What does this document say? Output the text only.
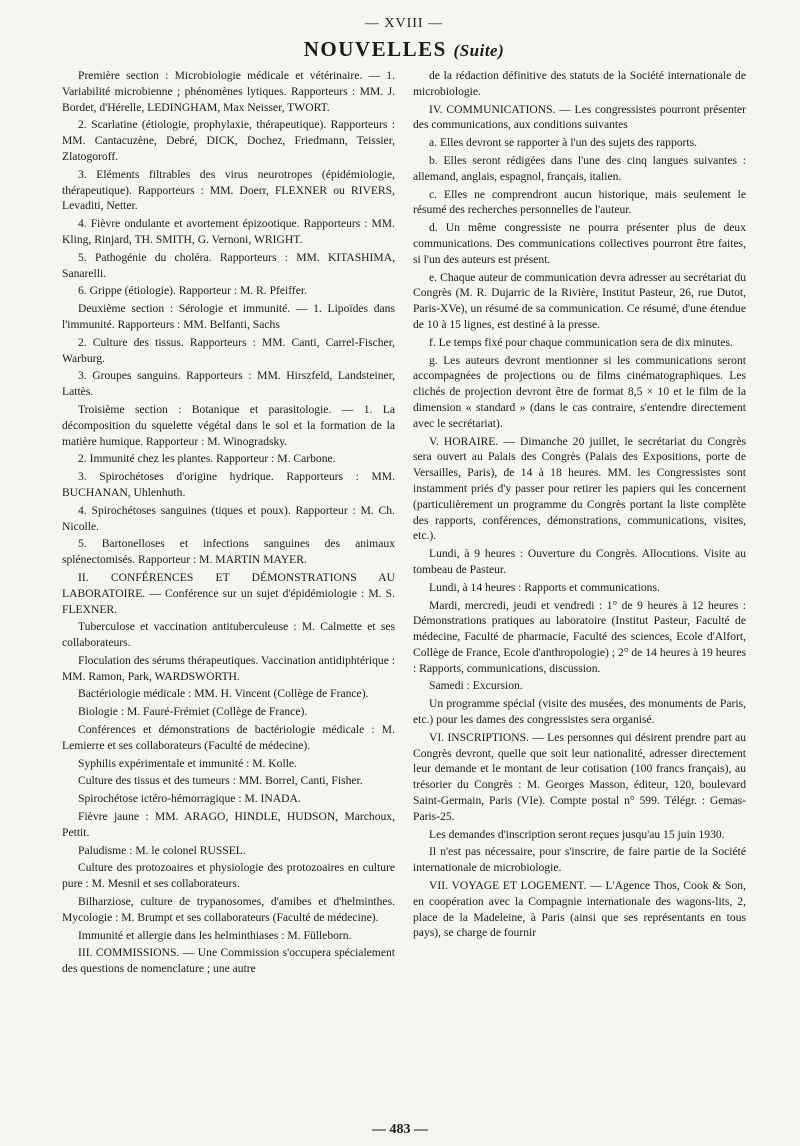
— XVIII —
NOUVELLES (Suite)

Première section : Microbiologie médicale et vétérinaire. — 1. Variabilité microbienne ; phénomènes lytiques. Rapporteurs : MM. J. Bordet, d'Hérelle, LEDINGHAM, Max Neisser, TWORT.

2. Scarlatine (étiologie, prophylaxie, thérapeutique). Rapporteurs : MM. Cantacuzène, Debré, DICK, Dochez, Friedmann, Teissier, Zlatogoroff.

3. Eléments filtrables des virus neurotropes (épidémiologie, thérapeutique). Rapporteurs : MM. Doerr, FLEXNER ou RIVERS, Levaditi, Netter.

4. Fièvre ondulante et avortement épizootique. Rapporteurs : MM. Kling, Rinjard, TH. SMITH, G. Vernoni, WRIGHT.

5. Pathogénie du choléra. Rapporteurs : MM. KITASHIMA, Sanarelli.

6. Grippe (étiologie). Rapporteur : M. R. Pfeiffer.

Deuxième section : Sérologie et immunité. — 1. Lipoïdes dans l'immunité. Rapporteurs : MM. Belfanti, Sachs

2. Culture des tissus. Rapporteurs : MM. Canti, Carrel-Fischer, Warburg.

3. Groupes sanguins. Rapporteurs : MM. Hirszfeld, Landsteiner, Lattès.

Troisième section : Botanique et parasitologie. — 1. La décomposition du squelette végétal dans le sol et la formation de la matière humique. Rapporteur : M. Winogradsky.

2. Immunité chez les plantes. Rapporteur : M. Carbone.

3. Spirochétoses d'origine hydrique. Rapporteurs : MM. BUCHANAN, Uhlenhuth.

4. Spirochétoses sanguines (tiques et poux). Rapporteur : M. Ch. Nicolle.

5. Bartonelloses et infections sanguines des animaux splénectomisés. Rapporteur : M. MARTIN MAYER.

II. CONFÉRENCES ET DÉMONSTRATIONS AU LABORATOIRE. — Conférence sur un sujet d'épidémiologie : M. S. FLEXNER.

Tuberculose et vaccination antituberculeuse : M. Calmette et ses collaborateurs.

Floculation des sérums thérapeutiques. Vaccination antidiphtérique : MM. Ramon, Park, WARDSWORTH.

Bactériologie médicale : MM. H. Vincent (Collège de France).

Biologie : M. Fauré-Frémiet (Collège de France).

Conférences et démonstrations de bactériologie médicale : M. Lemierre et ses collaborateurs (Faculté de médecine).

Syphilis expérimentale et immunité : M. Kolle.

Culture des tissus et des tumeurs : MM. Borrel, Canti, Fisher.

Spirochétose ictéro-hémorragique : M. INADA.

Fièvre jaune : MM. ARAGO, HINDLE, HUDSON, Marchoux, Pettit.

Paludisme : M. le colonel RUSSEL.

Culture des protozoaires et physiologie des protozoaires en culture pure : M. Mesnil et ses collaborateurs.

Bilharziose, culture de trypanosomes, d'amibes et d'helminthes. Mycologie : M. Brumpt et ses collaborateurs (Faculté de médecine).

Immunité et allergie dans les helminthiases : M. Fülleborn.

III. COMMISSIONS. — Une Commission s'occupera spécialement des questions de nomenclature ; une autre

de la rédaction définitive des statuts de la Société internationale de microbiologie.

IV. COMMUNICATIONS. — Les congressistes pourront présenter des communications, aux conditions suivantes

a. Elles devront se rapporter à l'un des sujets des rapports.

b. Elles seront rédigées dans l'une des cinq langues suivantes : allemand, anglais, espagnol, français, italien.

c. Elles ne comprendront aucun historique, mais seulement le résumé des recherches personnelles de l'auteur.

d. Un même congressiste ne pourra présenter plus de deux communications. Des communications collectives pourront être faites, si l'un des auteurs est présent.

e. Chaque auteur de communication devra adresser au secrétariat du Congrès (M. R. Dujarric de la Rivière, Institut Pasteur, 26, rue Dutot, Paris-XVe), un résumé de sa communication. Ce résumé, d'une étendue de 10 à 15 lignes, est destiné à la presse.

f. Le temps fixé pour chaque communication sera de dix minutes.

g. Les auteurs devront mentionner si les communications seront accompagnées de projections ou de films cinématographiques. Les clichés de projection devront être de format 8,5 × 10 et le film de la dimension « standard » (dans le cas contraire, s'entendre directement avec le secrétariat).

V. HORAIRE. — Dimanche 20 juillet, le secrétariat du Congrès sera ouvert au Palais des Congrès (Palais des Expositions, porte de Versailles, Paris), de 14 à 18 heures. MM. les Congressistes sont instamment priés d'y passer pour retirer les papiers qui les concernent (particulièrement un programme du Congrès portant la liste complète des rapports, conférences, démonstrations, communications, visites, etc.).

Lundi, à 9 heures : Ouverture du Congrès. Allocutions. Visite au tombeau de Pasteur.

Lundi, à 14 heures : Rapports et communications.

Mardi, mercredi, jeudi et vendredi : 1° de 9 heures à 12 heures : Démonstrations pratiques au laboratoire (Institut Pasteur, Faculté de médecine, Faculté de pharmacie, Faculté des sciences, Ecole d'Alfort, Collège de France, Ecole d'anthropologie) ; 2° de 14 heures à 19 heures : Rapports, communications, discussion.

Samedi : Excursion.

Un programme spécial (visite des musées, des monuments de Paris, etc.) pour les dames des congressistes sera organisé.

VI. INSCRIPTIONS. — Les personnes qui désirent prendre part au Congrès devront, quelle que soit leur nationalité, adresser directement leur demande et le montant de leur cotisation (100 francs français), au trésorier du Congrès : M. Georges Masson, éditeur, 120, boulevard Saint-Germain, Paris (VIe). Compte postal n° 599. Télégr. : Gemas-Paris-25.

Les demandes d'inscription seront reçues jusqu'au 15 juin 1930.

Il n'est pas nécessaire, pour s'inscrire, de faire partie de la Société internationale de microbiologie.

VII. VOYAGE ET LOGEMENT. — L'Agence Thos, Cook & Son, en coopération avec la Compagnie internationale des wagons-lits, 2, place de la Madeleine, à Paris (ainsi que ses représentants en tous pays), se charge de fournir

— 483 —
